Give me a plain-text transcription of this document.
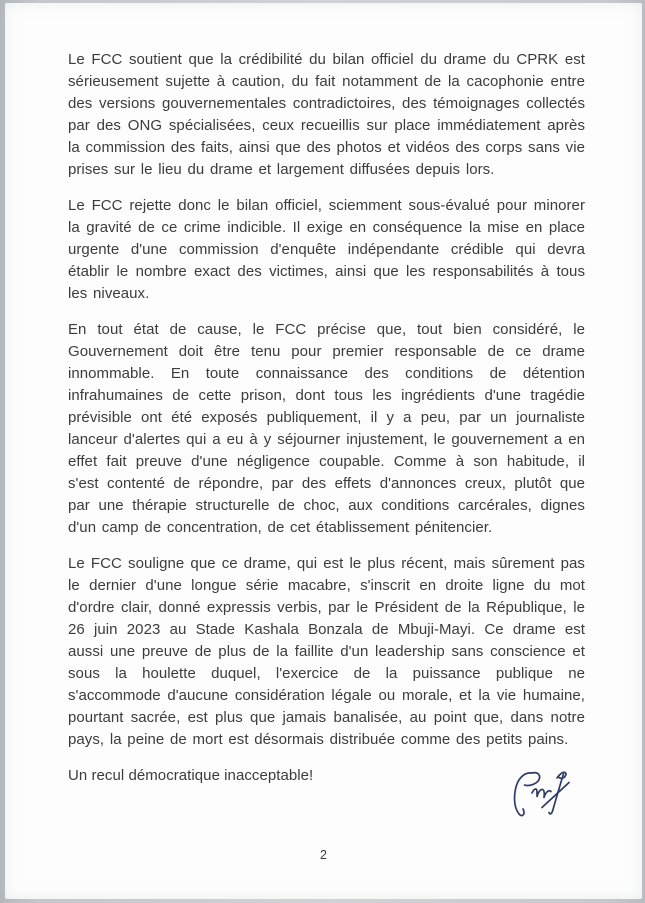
Le FCC soutient que la crédibilité du bilan officiel du drame du CPRK est sérieusement sujette à caution, du fait notamment de la cacophonie entre des versions gouvernementales contradictoires, des témoignages collectés par des ONG spécialisées, ceux recueillis sur place immédiatement après la commission des faits, ainsi que des photos et vidéos des corps sans vie prises sur le lieu du drame et largement diffusées depuis lors.

Le FCC rejette donc le bilan officiel, sciemment sous-évalué pour minorer la gravité de ce crime indicible. Il exige en conséquence la mise en place urgente d'une commission d'enquête indépendante crédible qui devra établir le nombre exact des victimes, ainsi que les responsabilités à tous les niveaux.

En tout état de cause, le FCC précise que, tout bien considéré, le Gouvernement doit être tenu pour premier responsable de ce drame innommable. En toute connaissance des conditions de détention infrahumaines de cette prison, dont tous les ingrédients d'une tragédie prévisible ont été exposés publiquement, il y a peu, par un journaliste lanceur d'alertes qui a eu à y séjourner injustement, le gouvernement a en effet fait preuve d'une négligence coupable. Comme à son habitude, il s'est contenté de répondre, par des effets d'annonces creux, plutôt que par une thérapie structurelle de choc, aux conditions carcérales, dignes d'un camp de concentration, de cet établissement pénitencier.

Le FCC souligne que ce drame, qui est le plus récent, mais sûrement pas le dernier d'une longue série macabre, s'inscrit en droite ligne du mot d'ordre clair, donné expressis verbis, par le Président de la République, le 26 juin 2023 au Stade Kashala Bonzala de Mbuji-Mayi. Ce drame est aussi une preuve de plus de la faillite d'un leadership sans conscience et sous la houlette duquel, l'exercice de la puissance publique ne s'accommode d'aucune considération légale ou morale, et la vie humaine, pourtant sacrée, est plus que jamais banalisée, au point que, dans notre pays, la peine de mort est désormais distribuée comme des petits pains.

Un recul démocratique inacceptable!

2
